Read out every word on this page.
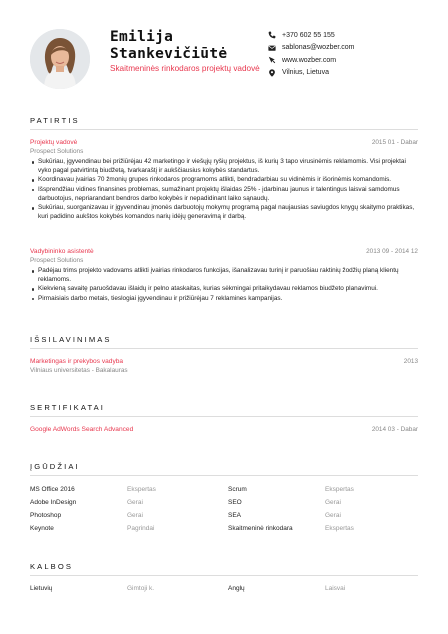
Emilija
Stankevičiūtė
Skaitmeninės rinkodaros projektų vadovė
+370 602 55 155
sablonas@wozber.com
www.wozber.com
Vilnius, Lietuva
PATIRTIS
Projektų vadovė	2015 01 - Dabar
Prospect Solutions
Sukūriau, įgyvendinau bei prižiūrėjau 42 marketingo ir viešųjų ryšių projektus, iš kurių 3 tapo virusinėmis reklamomis. Visi projektai vyko pagal patvirtintą biudžetą, tvarkaraštį ir aukščiausius kokybės standartus.
Koordinavau įvairias 70 žmonių grupes rinkodaros programoms atlikti, bendradarbiau su vidinėmis ir išorinėmis komandomis.
Išsprendžiau vidines finansines problemas, sumažinant projektų išlaidas 25% - įdarbinau jaunus ir talentingus laisvai samdomus darbuotojus, nepriarandant bendros darbo kokybės ir nepadidinant laiko sąnaudų.
Sukūriau, suorganizavau ir įgyvendinau įmonės darbuotojų mokymų programą pagal naujausias saviugdos knygų skaitymo praktikas, kuri padidino aukštos kokybės komandos narių idėjų generavimą ir darbą.
Vadybininko asistentė	2013 09 - 2014 12
Prospect Solutions
Padėjau trims projekto vadovams atlikti įvairias rinkodaros funkcijas, išanalizavau turinį ir paruošiau raktinių žodžių planą klientų reklamoms.
Kiekvieną savaitę paruošdavau išlaidų ir pelno ataskaitas, kurias sėkmingai pritaikydavau reklamos biudžeto planavimui.
Pirmaisiais darbo metais, tieslogiai įgyvendinau ir prižiūrėjau 7 reklamines kampanijas.
IŠSILAVINIMAS
Marketingas ir prekybos vadyba	2013
Vilniaus universitetas - Bakalauras
SERTIFIKATAI
Google AdWords Search Advanced	2014 03 - Dabar
ĮGŪDŽIAI
MS Office 2016	Ekspertas	Scrum	Ekspertas
Adobe InDesign	Gerai	SEO	Gerai
Photoshop	Gerai	SEA	Gerai
Keynote	Pagrindai	Skaitmeninė rinkodara	Ekspertas
KALBOS
Lietuvių	Gimtoji k.	Anglų	Laisvai
